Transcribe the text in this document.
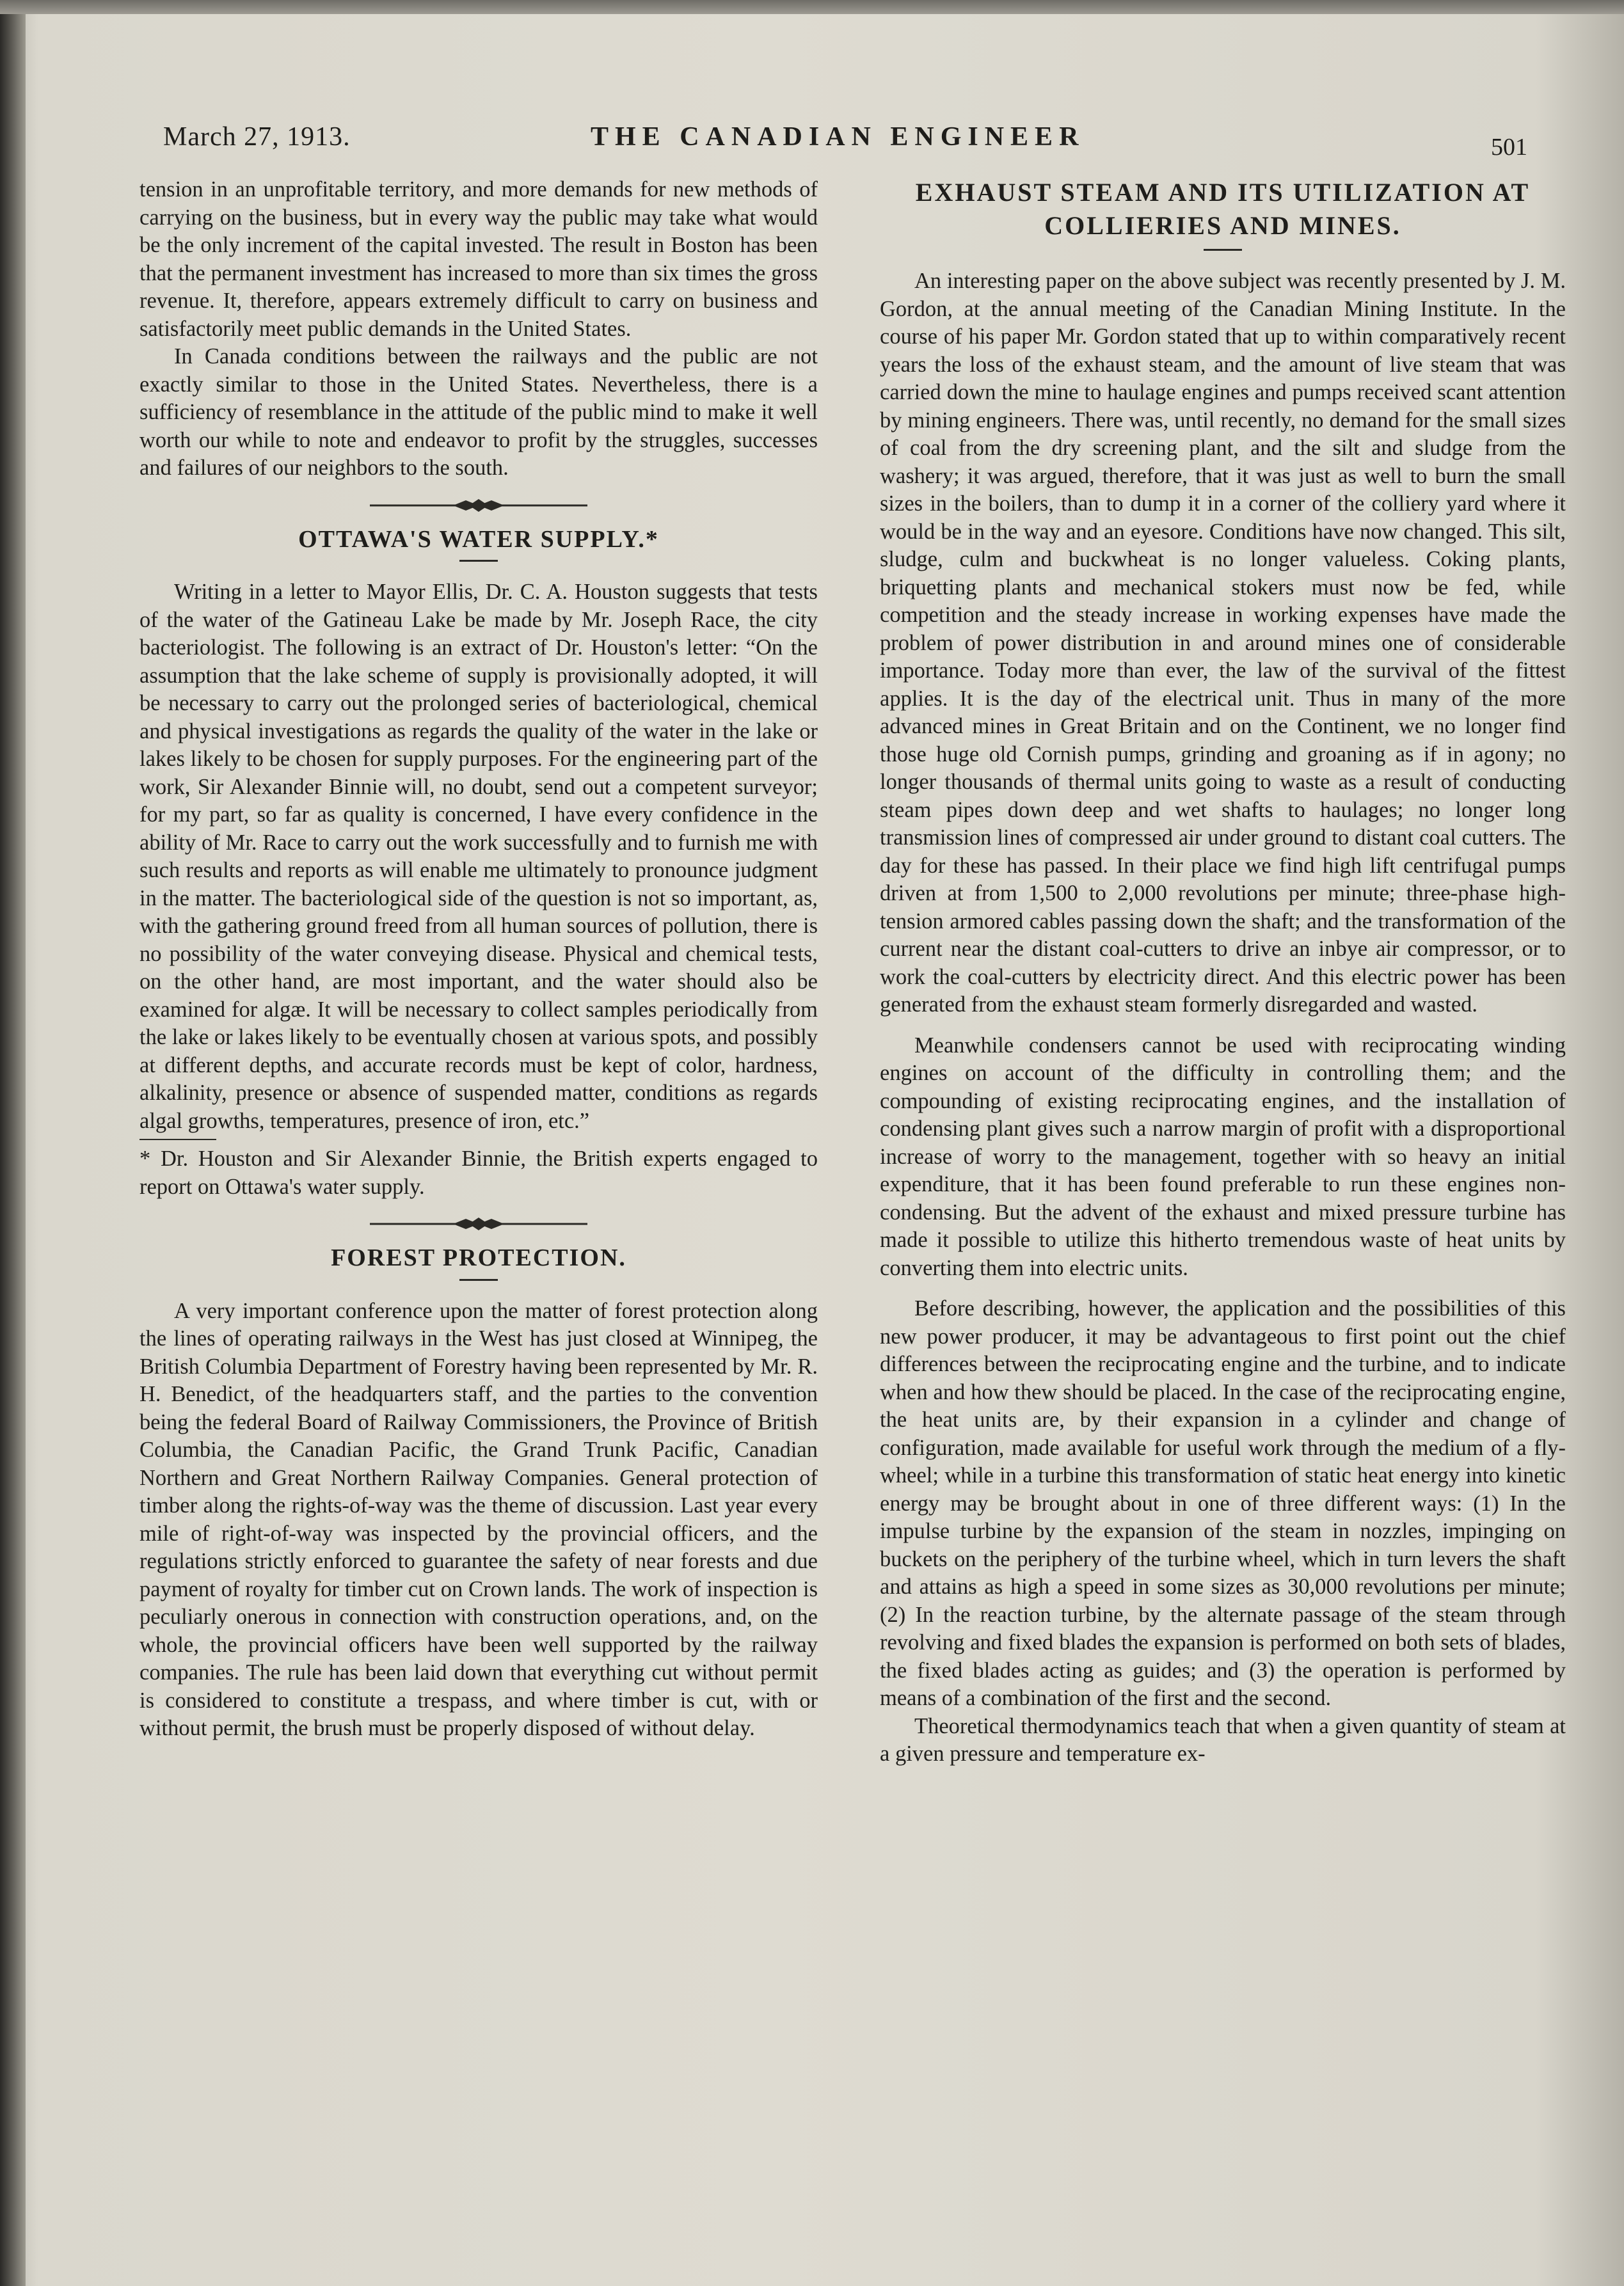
March 27, 1913.	THE CANADIAN ENGINEER	501

tension in an unprofitable territory, and more demands for new methods of carrying on the business, but in every way the public may take what would be the only increment of the capital invested. The result in Boston has been that the permanent investment has increased to more than six times the gross revenue. It, therefore, appears extremely difficult to carry on business and satisfactorily meet public demands in the United States.

In Canada conditions between the railways and the public are not exactly similar to those in the United States. Nevertheless, there is a sufficiency of resemblance in the attitude of the public mind to make it well worth our while to note and endeavor to profit by the struggles, successes and failures of our neighbors to the south.

OTTAWA'S WATER SUPPLY.*

Writing in a letter to Mayor Ellis, Dr. C. A. Houston suggests that tests of the water of the Gatineau Lake be made by Mr. Joseph Race, the city bacteriologist. The following is an extract of Dr. Houston's letter: “On the assumption that the lake scheme of supply is provisionally adopted, it will be necessary to carry out the prolonged series of bacteriological, chemical and physical investigations as regards the quality of the water in the lake or lakes likely to be chosen for supply purposes. For the engineering part of the work, Sir Alexander Binnie will, no doubt, send out a competent surveyor; for my part, so far as quality is concerned, I have every confidence in the ability of Mr. Race to carry out the work successfully and to furnish me with such results and reports as will enable me ultimately to pronounce judgment in the matter. The bacteriological side of the question is not so important, as, with the gathering ground freed from all human sources of pollution, there is no possibility of the water conveying disease. Physical and chemical tests, on the other hand, are most important, and the water should also be examined for algæ. It will be necessary to collect samples periodically from the lake or lakes likely to be eventually chosen at various spots, and possibly at different depths, and accurate records must be kept of color, hardness, alkalinity, presence or absence of suspended matter, conditions as regards algal growths, temperatures, presence of iron, etc.”

* Dr. Houston and Sir Alexander Binnie, the British experts engaged to report on Ottawa's water supply.

FOREST PROTECTION.

A very important conference upon the matter of forest protection along the lines of operating railways in the West has just closed at Winnipeg, the British Columbia Department of Forestry having been represented by Mr. R. H. Benedict, of the headquarters staff, and the parties to the convention being the federal Board of Railway Commissioners, the Province of British Columbia, the Canadian Pacific, the Grand Trunk Pacific, Canadian Northern and Great Northern Railway Companies. General protection of timber along the rights-of-way was the theme of discussion. Last year every mile of right-of-way was inspected by the provincial officers, and the regulations strictly enforced to guarantee the safety of near forests and due payment of royalty for timber cut on Crown lands. The work of inspection is peculiarly onerous in connection with construction operations, and, on the whole, the provincial officers have been well supported by the railway companies. The rule has been laid down that everything cut without permit is considered to constitute a trespass, and where timber is cut, with or without permit, the brush must be properly disposed of without delay.

EXHAUST STEAM AND ITS UTILIZATION AT COLLIERIES AND MINES.

An interesting paper on the above subject was recently presented by J. M. Gordon, at the annual meeting of the Canadian Mining Institute. In the course of his paper Mr. Gordon stated that up to within comparatively recent years the loss of the exhaust steam, and the amount of live steam that was carried down the mine to haulage engines and pumps received scant attention by mining engineers. There was, until recently, no demand for the small sizes of coal from the dry screening plant, and the silt and sludge from the washery; it was argued, therefore, that it was just as well to burn the small sizes in the boilers, than to dump it in a corner of the colliery yard where it would be in the way and an eyesore. Conditions have now changed. This silt, sludge, culm and buckwheat is no longer valueless. Coking plants, briquetting plants and mechanical stokers must now be fed, while competition and the steady increase in working expenses have made the problem of power distribution in and around mines one of considerable importance. Today more than ever, the law of the survival of the fittest applies. It is the day of the electrical unit. Thus in many of the more advanced mines in Great Britain and on the Continent, we no longer find those huge old Cornish pumps, grinding and groaning as if in agony; no longer thousands of thermal units going to waste as a result of conducting steam pipes down deep and wet shafts to haulages; no longer long transmission lines of compressed air under ground to distant coal cutters. The day for these has passed. In their place we find high lift centrifugal pumps driven at from 1,500 to 2,000 revolutions per minute; three-phase high-tension armored cables passing down the shaft; and the transformation of the current near the distant coal-cutters to drive an inbye air compressor, or to work the coal-cutters by electricity direct. And this electric power has been generated from the exhaust steam formerly disregarded and wasted.

Meanwhile condensers cannot be used with reciprocating winding engines on account of the difficulty in controlling them; and the compounding of existing reciprocating engines, and the installation of condensing plant gives such a narrow margin of profit with a disproportional increase of worry to the management, together with so heavy an initial expenditure, that it has been found preferable to run these engines non-condensing. But the advent of the exhaust and mixed pressure turbine has made it possible to utilize this hitherto tremendous waste of heat units by converting them into electric units.

Before describing, however, the application and the possibilities of this new power producer, it may be advantageous to first point out the chief differences between the reciprocating engine and the turbine, and to indicate when and how thew should be placed. In the case of the reciprocating engine, the heat units are, by their expansion in a cylinder and change of configuration, made available for useful work through the medium of a fly-wheel; while in a turbine this transformation of static heat energy into kinetic energy may be brought about in one of three different ways: (1) In the impulse turbine by the expansion of the steam in nozzles, impinging on buckets on the periphery of the turbine wheel, which in turn levers the shaft and attains as high a speed in some sizes as 30,000 revolutions per minute; (2) In the reaction turbine, by the alternate passage of the steam through revolving and fixed blades the expansion is performed on both sets of blades, the fixed blades acting as guides; and (3) the operation is performed by means of a combination of the first and the second.

Theoretical thermodynamics teach that when a given quantity of steam at a given pressure and temperature ex-
